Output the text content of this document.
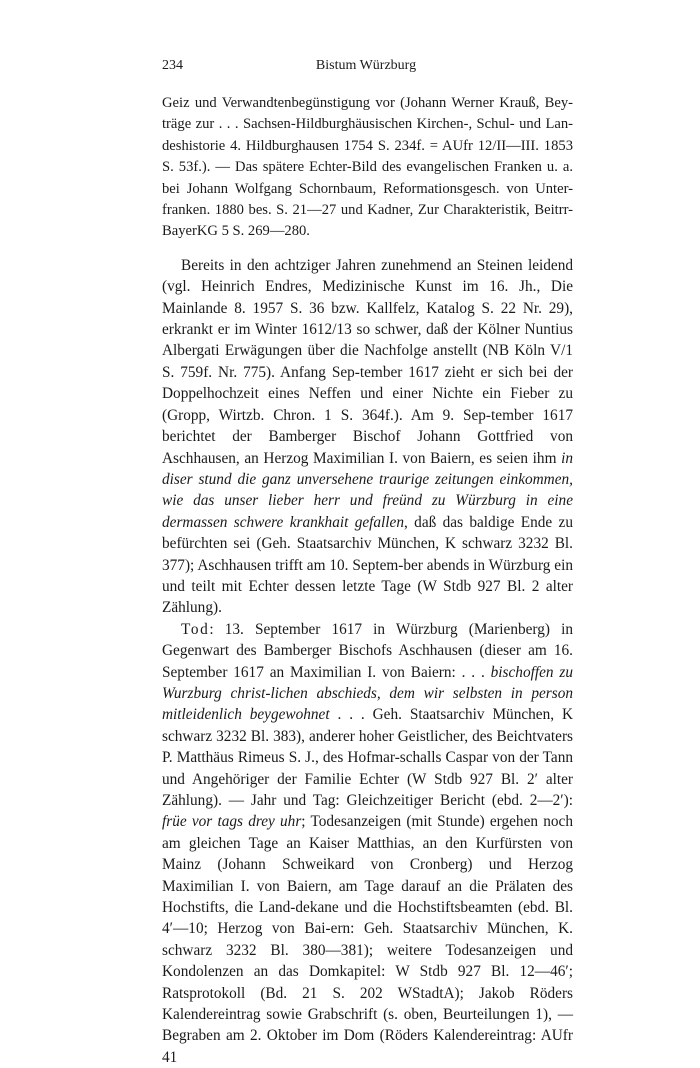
234	Bistum Würzburg

Geiz und Verwandtenbegünstigung vor (Johann Werner Krauß, Bey-träge zur . . . Sachsen-Hildburghäusischen Kirchen-, Schul- und Lan-deshistorie 4. Hildburghausen 1754 S. 234f. = AUfr 12/II—III. 1853 S. 53f.). — Das spätere Echter-Bild des evangelischen Franken u. a. bei Johann Wolfgang Schornbaum, Reformationsgesch. von Unter-franken. 1880 bes. S. 21—27 und Kadner, Zur Charakteristik, Beitrr-BayerKG 5 S. 269—280.

Bereits in den achtziger Jahren zunehmend an Steinen leidend (vgl. Heinrich Endres, Medizinische Kunst im 16. Jh., Die Mainlande 8. 1957 S. 36 bzw. Kallfelz, Katalog S. 22 Nr. 29), erkrankt er im Winter 1612/13 so schwer, daß der Kölner Nuntius Albergati Erwägungen über die Nachfolge anstellt (NB Köln V/1 S. 759f. Nr. 775). Anfang Sep-tember 1617 zieht er sich bei der Doppelhochzeit eines Neffen und einer Nichte ein Fieber zu (Gropp, Wirtzb. Chron. 1 S. 364f.). Am 9. Sep-tember 1617 berichtet der Bamberger Bischof Johann Gottfried von Aschhausen, an Herzog Maximilian I. von Baiern, es seien ihm in diser stund die ganz unversehene traurige zeitungen einkommen, wie das unser lieber herr und freünd zu Würzburg in eine dermassen schwere krankhait gefallen, daß das baldige Ende zu befürchten sei (Geh. Staatsarchiv München, K schwarz 3232 Bl. 377); Aschhausen trifft am 10. Septem-ber abends in Würzburg ein und teilt mit Echter dessen letzte Tage (W Stdb 927 Bl. 2 alter Zählung).

Tod: 13. September 1617 in Würzburg (Marienberg) in Gegenwart des Bamberger Bischofs Aschhausen (dieser am 16. September 1617 an Maximilian I. von Baiern: . . . bischoffen zu Wurzburg christ-lichen abschieds, dem wir selbsten in person mitleidenlich beygewohnet . . . Geh. Staatsarchiv München, K schwarz 3232 Bl. 383), anderer hoher Geistlicher, des Beichtvaters P. Matthäus Rimeus S. J., des Hofmar-schalls Caspar von der Tann und Angehöriger der Familie Echter (W Stdb 927 Bl. 2′ alter Zählung). — Jahr und Tag: Gleichzeitiger Bericht (ebd. 2—2′): früe vor tags drey uhr; Todesanzeigen (mit Stunde) ergehen noch am gleichen Tage an Kaiser Matthias, an den Kurfürsten von Mainz (Johann Schweikard von Cronberg) und Herzog Maximilian I. von Baiern, am Tage darauf an die Prälaten des Hochstifts, die Land-dekane und die Hochstiftsbeamten (ebd. Bl. 4′—10; Herzog von Bai-ern: Geh. Staatsarchiv München, K. schwarz 3232 Bl. 380—381); weitere Todesanzeigen und Kondolenzen an das Domkapitel: W Stdb 927 Bl. 12—46′; Ratsprotokoll (Bd. 21 S. 202 WStadtA); Jakob Röders Kalendereintrag sowie Grabschrift (s. oben, Beurteilungen 1), — Begraben am 2. Oktober im Dom (Röders Kalendereintrag: AUfr 41
